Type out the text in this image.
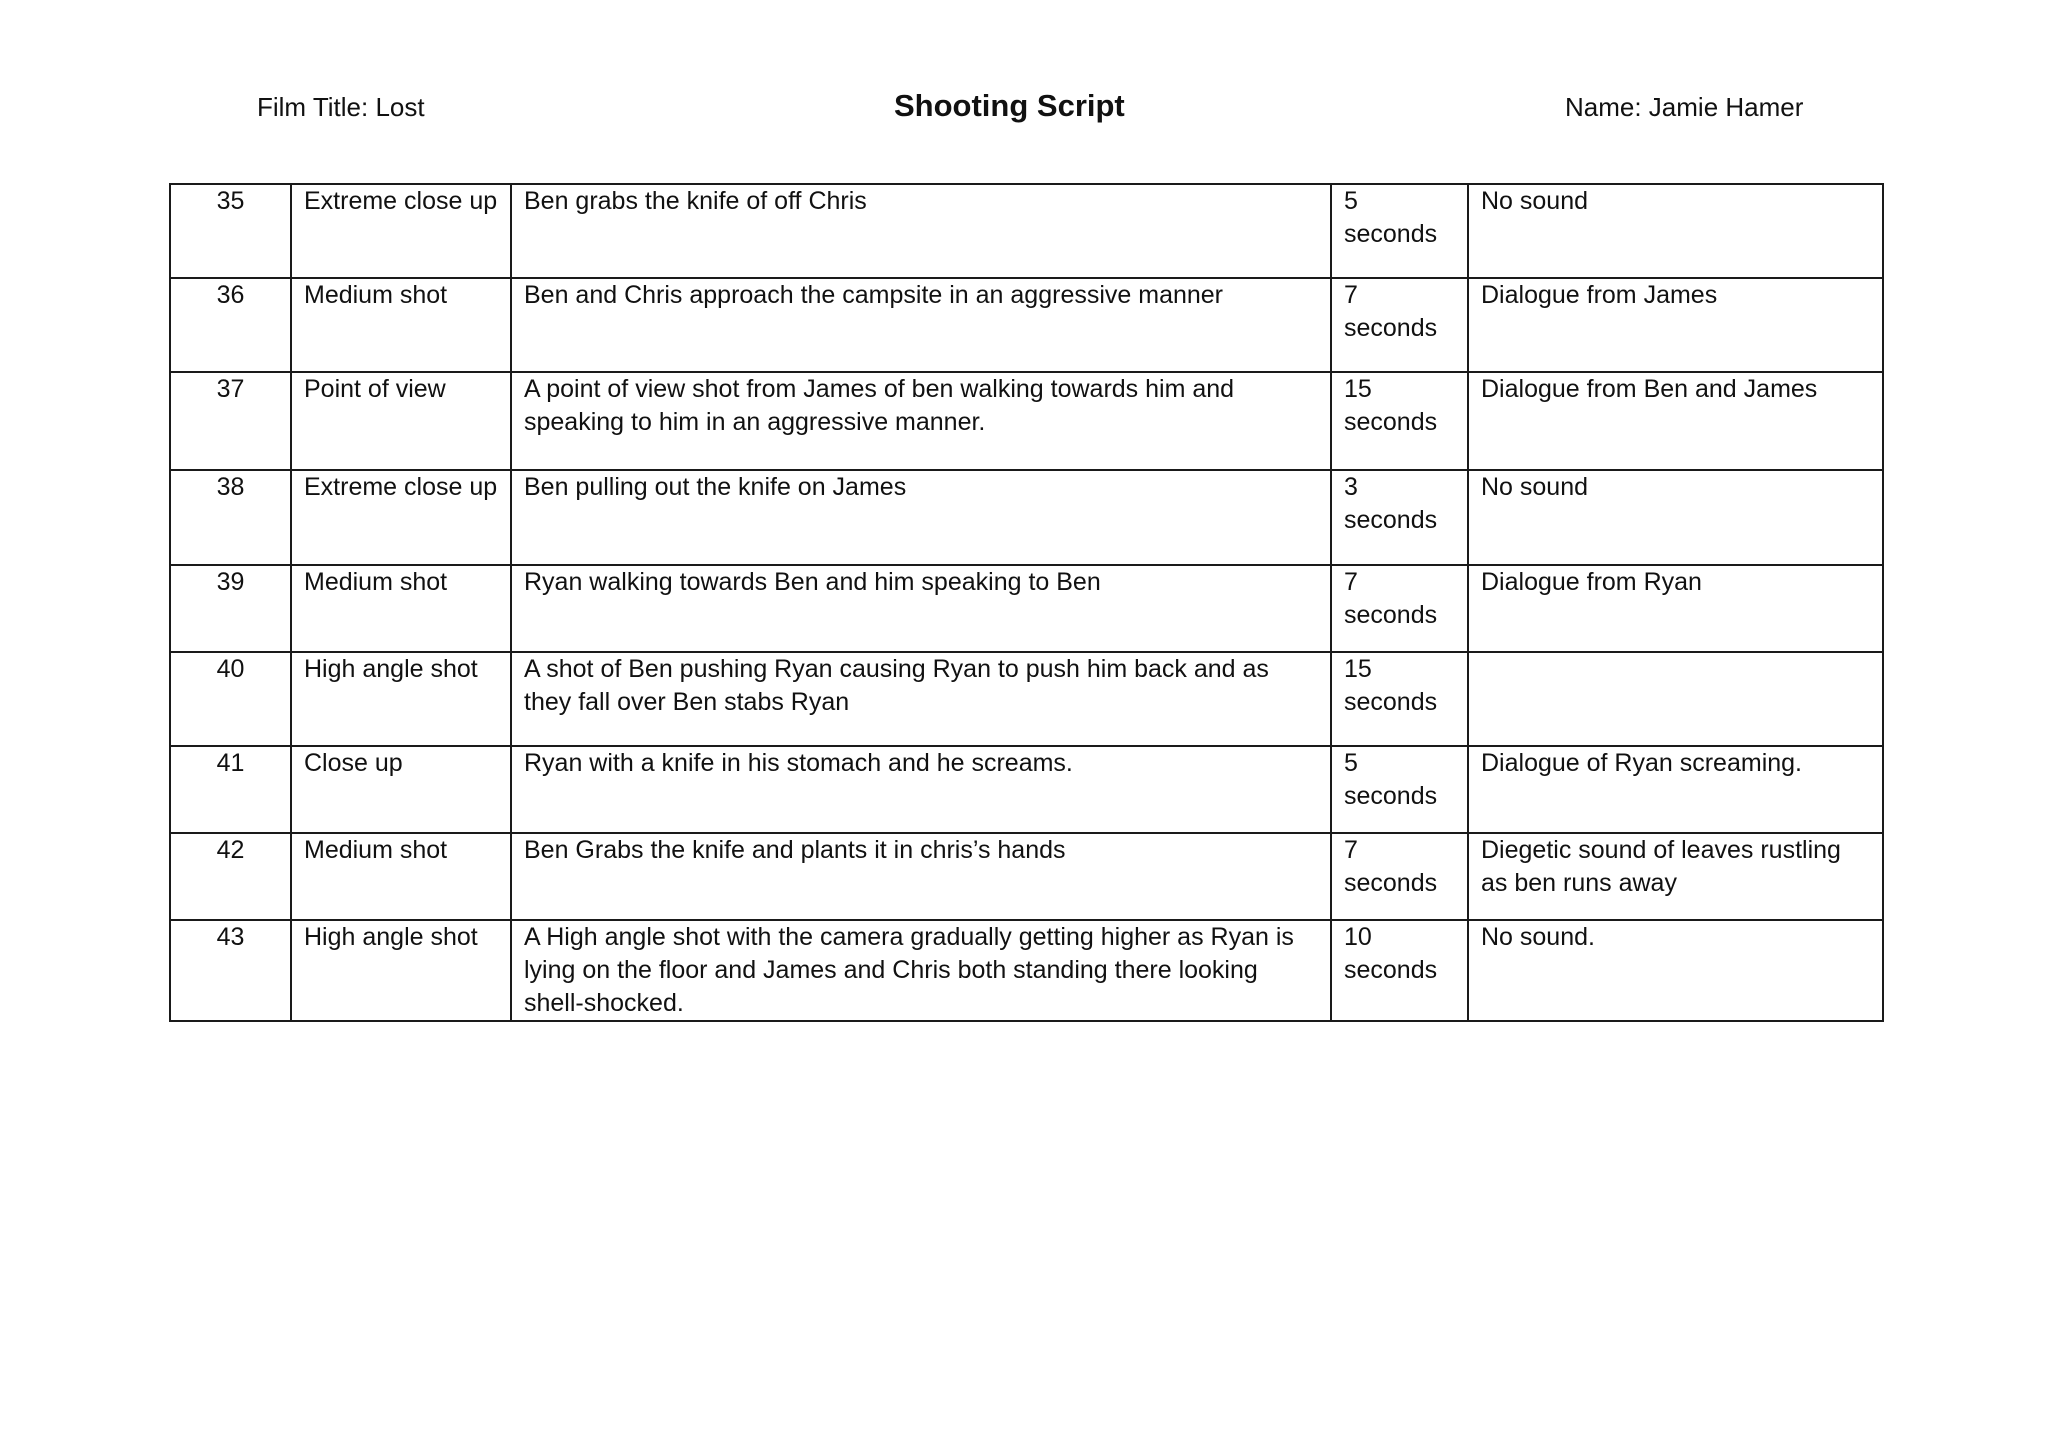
Film Title: Lost	Shooting Script	Name: Jamie Hamer
35	Extreme close up	Ben grabs the knife of off Chris	5 seconds	No sound
36	Medium shot	Ben and Chris approach the campsite in an aggressive manner	7 seconds	Dialogue from James
37	Point of view	A point of view shot from James of ben walking towards him and speaking to him in an aggressive manner.	15 seconds	Dialogue from Ben and James
38	Extreme close up	Ben pulling out the knife on James	3 seconds	No sound
39	Medium shot	Ryan walking towards Ben and him speaking to Ben	7 seconds	Dialogue from Ryan
40	High angle shot	A shot of Ben pushing Ryan causing Ryan to push him back and as they fall over Ben stabs Ryan	15 seconds	
41	Close up	Ryan with a knife in his stomach and he screams.	5 seconds	Dialogue of Ryan screaming.
42	Medium shot	Ben Grabs the knife and plants it in chris’s hands	7 seconds	Diegetic sound of leaves rustling as ben runs away
43	High angle shot	A High angle shot with the camera gradually getting higher as Ryan is lying on the floor and James and Chris both standing there looking shell-shocked.	10 seconds	No sound.
